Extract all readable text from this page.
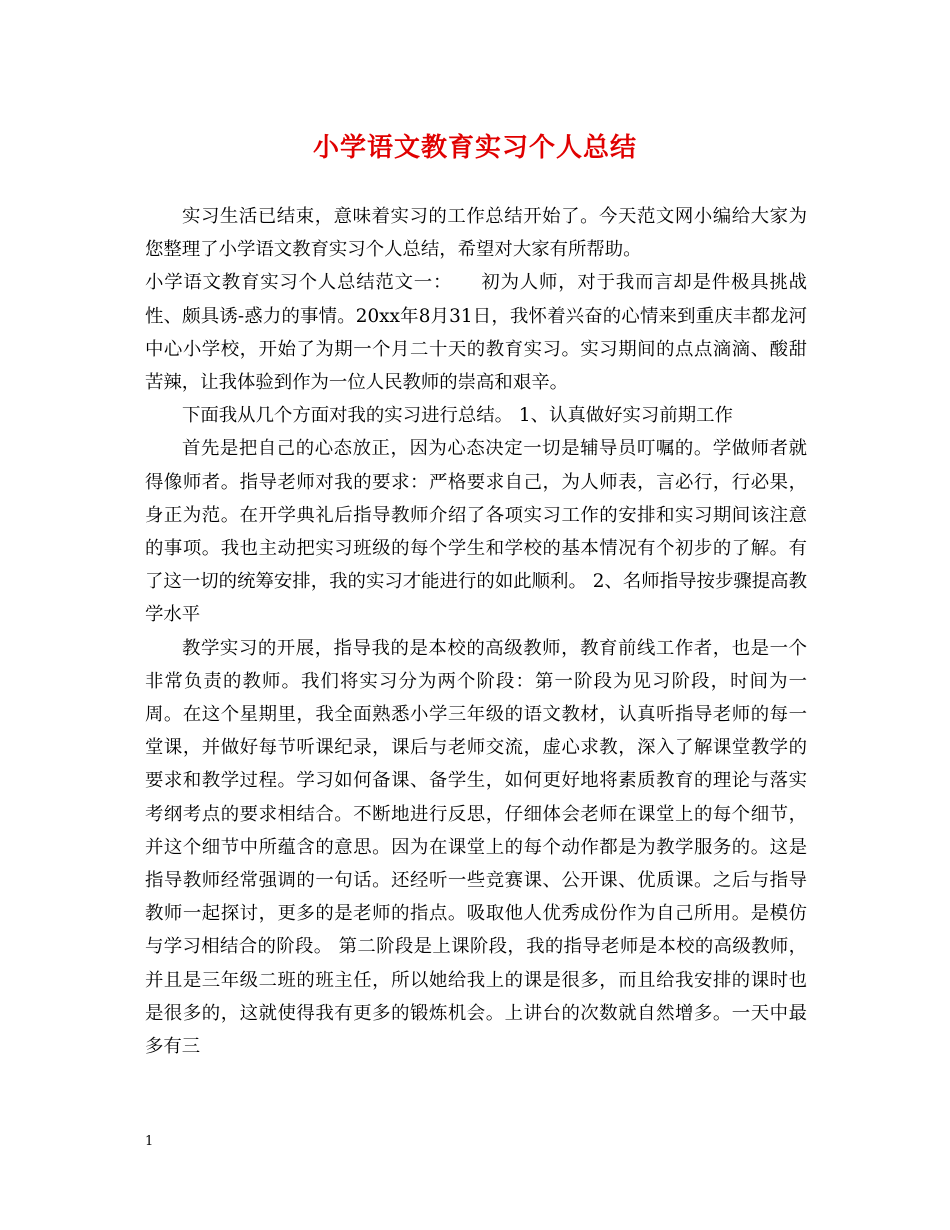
小学语文教育实习个人总结

实习生活已结束，意味着实习的工作总结开始了。今天范文网小编给大家为您整理了小学语文教育实习个人总结，希望对大家有所帮助。

小学语文教育实习个人总结范文一：　　初为人师，对于我而言却是件极具挑战性、颇具诱-惑力的事情。20xx年8月31日，我怀着兴奋的心情来到重庆丰都龙河中心小学校，开始了为期一个月二十天的教育实习。实习期间的点点滴滴、酸甜苦辣，让我体验到作为一位人民教师的崇高和艰辛。

下面我从几个方面对我的实习进行总结。 1、认真做好实习前期工作

首先是把自己的心态放正，因为心态决定一切是辅导员叮嘱的。学做师者就得像师者。指导老师对我的要求：严格要求自己，为人师表，言必行，行必果，身正为范。在开学典礼后指导教师介绍了各项实习工作的安排和实习期间该注意的事项。我也主动把实习班级的每个学生和学校的基本情况有个初步的了解。有了这一切的统筹安排，我的实习才能进行的如此顺利。 2、名师指导按步骤提高教学水平

教学实习的开展，指导我的是本校的高级教师，教育前线工作者，也是一个非常负责的教师。我们将实习分为两个阶段：第一阶段为见习阶段，时间为一周。在这个星期里，我全面熟悉小学三年级的语文教材，认真听指导老师的每一堂课，并做好每节听课纪录，课后与老师交流，虚心求教，深入了解课堂教学的要求和教学过程。学习如何备课、备学生，如何更好地将素质教育的理论与落实考纲考点的要求相结合。不断地进行反思，仔细体会老师在课堂上的每个细节，并这个细节中所蕴含的意思。因为在课堂上的每个动作都是为教学服务的。这是指导教师经常强调的一句话。还经听一些竞赛课、公开课、优质课。之后与指导教师一起探讨，更多的是老师的指点。吸取他人优秀成份作为自己所用。是模仿与学习相结合的阶段。 第二阶段是上课阶段，我的指导老师是本校的高级教师，并且是三年级二班的班主任，所以她给我上的课是很多，而且给我安排的课时也是很多的，这就使得我有更多的锻炼机会。上讲台的次数就自然增多。一天中最多有三

1
